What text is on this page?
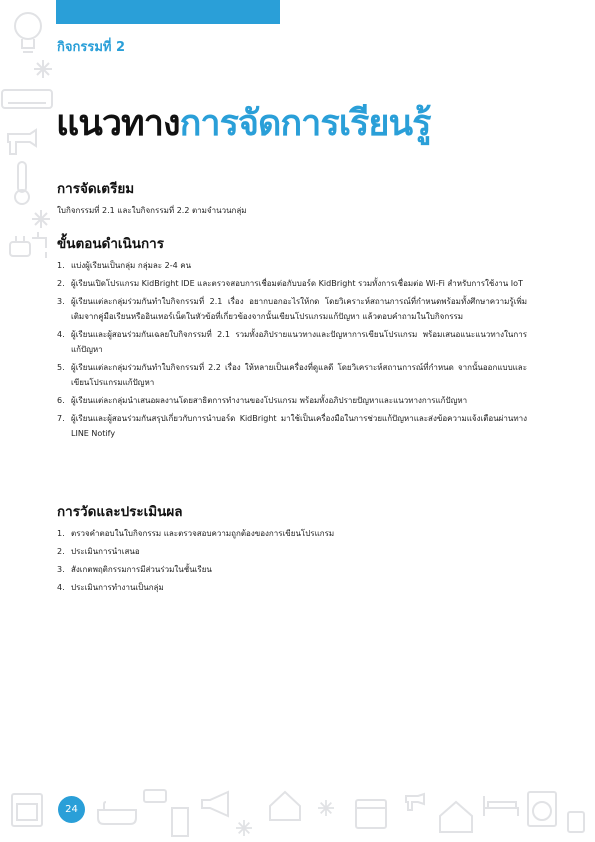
กิจกรรมที่ 2
แนวทางการจัดการเรียนรู้
การจัดเตรียม

ใบกิจกรรมที่ 2.1 และใบกิจกรรมที่ 2.2 ตามจำนวนกลุ่ม

ขั้นตอนดำเนินการ
1. แบ่งผู้เรียนเป็นกลุ่ม กลุ่มละ 2-4 คน
2. ผู้เรียนเปิดโปรแกรม KidBright IDE และตรวจสอบการเชื่อมต่อกับบอร์ด KidBright รวมทั้งการเชื่อมต่อ Wi-Fi สำหรับการใช้งาน IoT
3. ผู้เรียนแต่ละกลุ่มร่วมกันทำใบกิจกรรมที่ 2.1 เรื่อง อยากบอกอะไรให้กด โดยวิเคราะห์สถานการณ์ที่กำหนดพร้อมทั้งศึกษาความรู้เพิ่มเติมจากคู่มือเรียนหรืออินเทอร์เน็ตในหัวข้อที่เกี่ยวข้องจากนั้นเขียนโปรแกรมแก้ปัญหา แล้วตอบคำถามในใบกิจกรรม
4. ผู้เรียนและผู้สอนร่วมกันเฉลยใบกิจกรรมที่ 2.1 รวมทั้งอภิปรายแนวทางและปัญหาการเขียนโปรแกรม พร้อมเสนอแนะแนวทางในการแก้ปัญหา
5. ผู้เรียนแต่ละกลุ่มร่วมกันทำใบกิจกรรมที่ 2.2 เรื่อง ให้หลายเป็นเครื่องที่ดูแลดี โดยวิเคราะห์สถานการณ์ที่กำหนด จากนั้นออกแบบและเขียนโปรแกรมแก้ปัญหา
6. ผู้เรียนแต่ละกลุ่มนำเสนอผลงานโดยสาธิตการทำงานของโปรแกรม พร้อมทั้งอภิปรายปัญหาและแนวทางการแก้ปัญหา
7. ผู้เรียนและผู้สอนร่วมกันสรุปเกี่ยวกับการนำบอร์ด KidBright มาใช้เป็นเครื่องมือในการช่วยแก้ปัญหาและส่งข้อความแจ้งเตือนผ่านทาง LINE Notify
การวัดและประเมินผล
1. ตรวจคำตอบในใบกิจกรรม และตรวจสอบความถูกต้องของการเขียนโปรแกรม
2. ประเมินการนำเสนอ
3. สังเกตพฤติกรรมการมีส่วนร่วมในชั้นเรียน
4. ประเมินการทำงานเป็นกลุ่ม
24
